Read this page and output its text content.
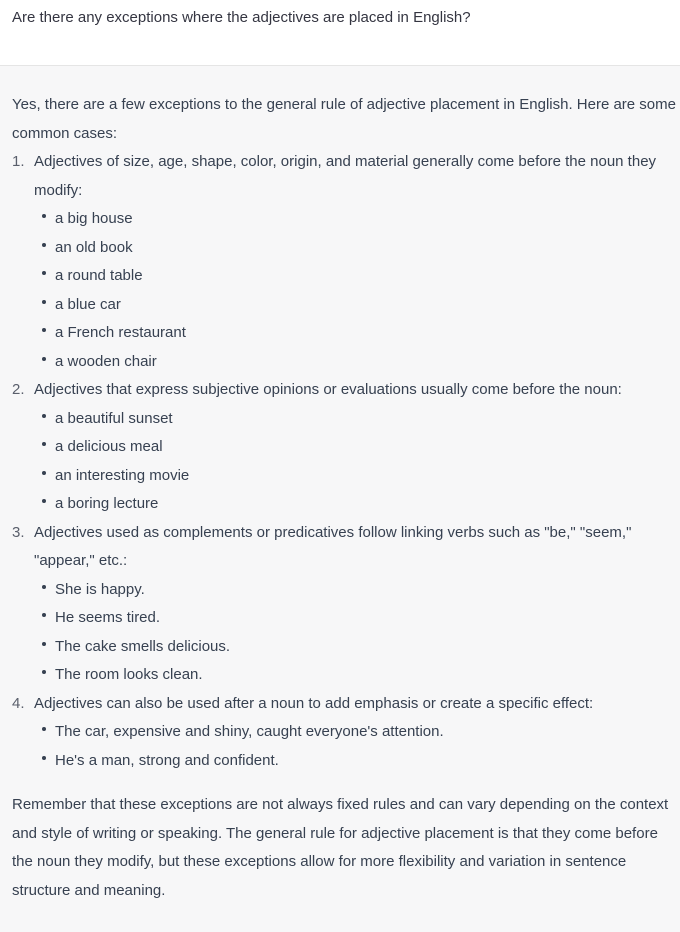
Are there any exceptions where the adjectives are placed in English?

Yes, there are a few exceptions to the general rule of adjective placement in English. Here are some common cases:

1. Adjectives of size, age, shape, color, origin, and material generally come before the noun they modify:
a big house
an old book
a round table
a blue car
a French restaurant
a wooden chair
2. Adjectives that express subjective opinions or evaluations usually come before the noun:
a beautiful sunset
a delicious meal
an interesting movie
a boring lecture
3. Adjectives used as complements or predicatives follow linking verbs such as "be," "seem," "appear," etc.:
She is happy.
He seems tired.
The cake smells delicious.
The room looks clean.
4. Adjectives can also be used after a noun to add emphasis or create a specific effect:
The car, expensive and shiny, caught everyone's attention.
He's a man, strong and confident.

Remember that these exceptions are not always fixed rules and can vary depending on the context and style of writing or speaking. The general rule for adjective placement is that they come before the noun they modify, but these exceptions allow for more flexibility and variation in sentence structure and meaning.
